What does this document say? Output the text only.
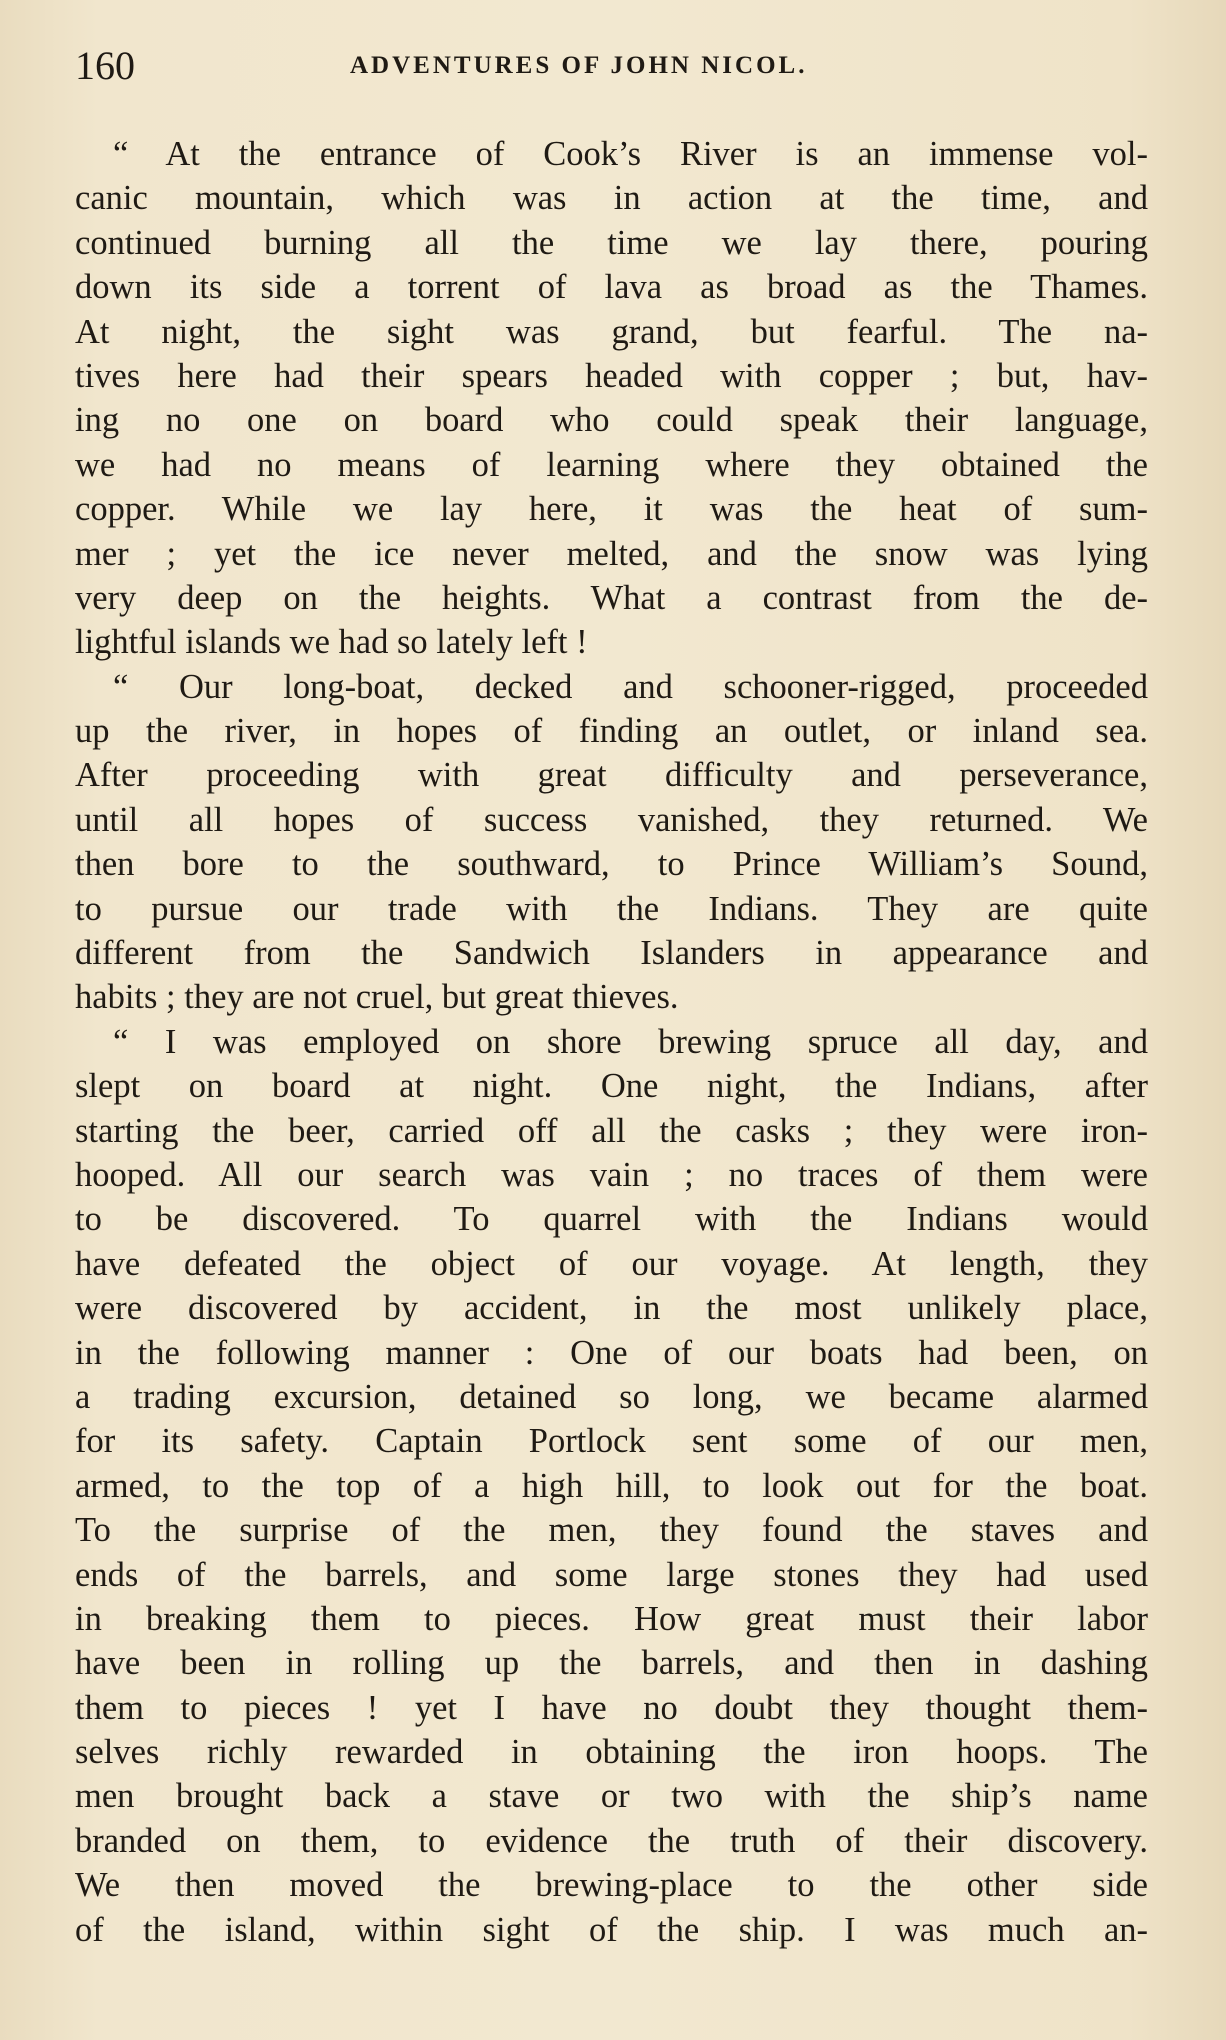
160	ADVENTURES OF JOHN NICOL.
“ At the entrance of Cook’s River is an immense vol-
canic mountain, which was in action at the time, and
continued burning all the time we lay there, pouring
down its side a torrent of lava as broad as the Thames.
At night, the sight was grand, but fearful. The na-
tives here had their spears headed with copper ; but, hav-
ing no one on board who could speak their language,
we had no means of learning where they obtained the
copper. While we lay here, it was the heat of sum-
mer ; yet the ice never melted, and the snow was lying
very deep on the heights. What a contrast from the de-
lightful islands we had so lately left !
“ Our long-boat, decked and schooner-rigged, proceeded
up the river, in hopes of finding an outlet, or inland sea.
After proceeding with great difficulty and perseverance,
until all hopes of success vanished, they returned. We
then bore to the southward, to Prince William’s Sound,
to pursue our trade with the Indians. They are quite
different from the Sandwich Islanders in appearance and
habits ; they are not cruel, but great thieves.
“ I was employed on shore brewing spruce all day, and
slept on board at night. One night, the Indians, after
starting the beer, carried off all the casks ; they were iron-
hooped. All our search was vain ; no traces of them were
to be discovered. To quarrel with the Indians would
have defeated the object of our voyage. At length, they
were discovered by accident, in the most unlikely place,
in the following manner : One of our boats had been, on
a trading excursion, detained so long, we became alarmed
for its safety. Captain Portlock sent some of our men,
armed, to the top of a high hill, to look out for the boat.
To the surprise of the men, they found the staves and
ends of the barrels, and some large stones they had used
in breaking them to pieces. How great must their labor
have been in rolling up the barrels, and then in dashing
them to pieces ! yet I have no doubt they thought them-
selves richly rewarded in obtaining the iron hoops. The
men brought back a stave or two with the ship’s name
branded on them, to evidence the truth of their discovery.
We then moved the brewing-place to the other side
of the island, within sight of the ship. I was much an-
